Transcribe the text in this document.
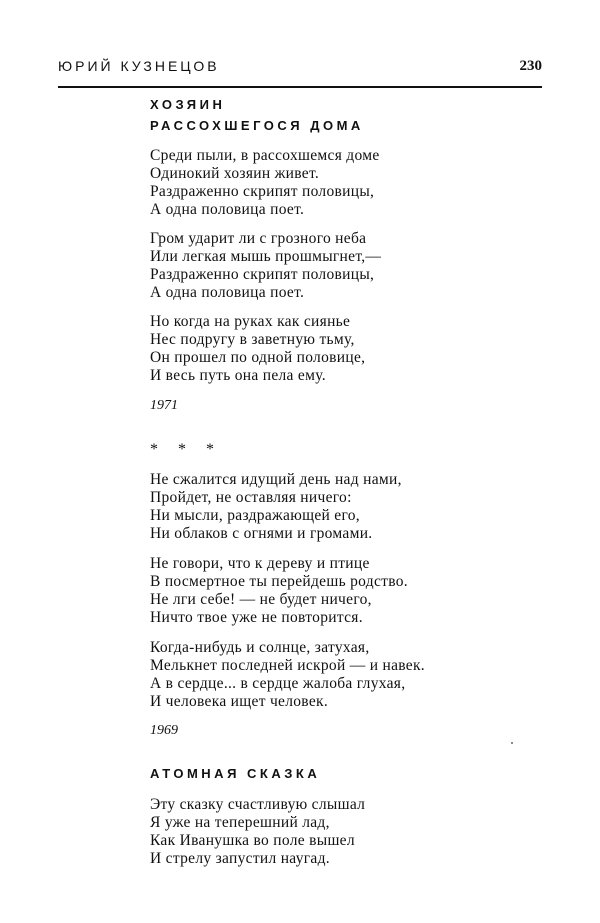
ЮРИЙ КУЗНЕЦОВ	230
ХОЗЯИН
РАССОХШЕГОСЯ ДОМА
Среди пыли, в рассохшемся доме
Одинокий хозяин живет.
Раздраженно скрипят половицы,
А одна половица поет.
Гром ударит ли с грозного неба
Или легкая мышь прошмыгнет,—
Раздраженно скрипят половицы,
А одна половица поет.
Но когда на руках как сиянье
Нес подругу в заветную тьму,
Он прошел по одной половице,
И весь путь она пела ему.
1971
* * *
Не сжалится идущий день над нами,
Пройдет, не оставляя ничего:
Ни мысли, раздражающей его,
Ни облаков с огнями и громами.
Не говори, что к дереву и птице
В посмертное ты перейдешь родство.
Не лги себе! — не будет ничего,
Ничто твое уже не повторится.
Когда-нибудь и солнце, затухая,
Мелькнет последней искрой — и навек.
А в сердце... в сердце жалоба глухая,
И человека ищет человек.
1969
АТОМНАЯ СКАЗКА
Эту сказку счастливую слышал
Я уже на теперешний лад,
Как Иванушка во поле вышел
И стрелу запустил наугад.
